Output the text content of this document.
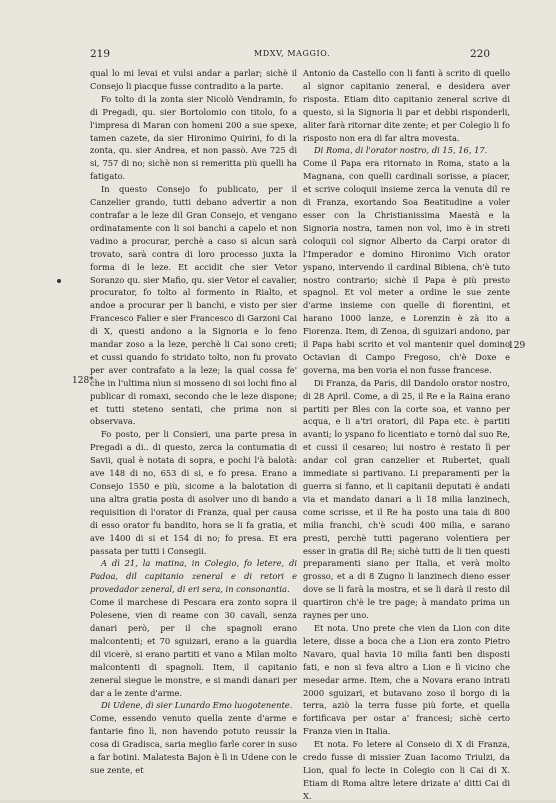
219	MDXV, MAGGIO.	220
128*
129

qual lo mi levai et vulsi andar a parlar; sichè il Consejo li piacque fusse contradito a la parte.

Fo tolto di la zonta sier Nicolò Vendramin, fo di Pregadi, qu. sier Bortolomio con titolo, fo a l'impresa di Maran con homeni 200 a sue spexe, tamen cazete, da sier Hironimo Quirini, fo di la zonta, qu. sier Andrea, et non passò. Ave 725 di si, 757 di no; sichè non si remeritta più quelli ha fatigato.

In questo Consejo fo publicato, per il Canzelier grando, tutti debano advertir a non contrafar a le leze dil Gran Consejo, et vengano ordinatamente con li soi banchi a capelo et non vadino a procurar, perchè a caso si alcun sarà trovato, sarà contra di loro processo juxta la forma di le leze. Et accidit che sier Vetor Soranzo qu. sier Mafio, qu. sier Vetor el cavalier, procurator, fo tolto al formento in Rialto, et andoe a procurar per li banchi, e visto per sier Francesco Falier e sier Francesco di Garzoni Cai di X, questi andono a la Signoria e lo feno mandar zoso a la leze, perchè li Cai sono creti; et cussi quando fo stridato tolto, non fu provato per aver contrafato a la leze; la qual cossa fe' che in l'ultima nìun si mosseno di soi lochi fino al publicar di romaxi, secondo che le leze dispone; et tutti steteno sentati, che prima non si observava.

Fo posto, per li Consieri, una parte presa in Pregadi a di.. di questo, zerca la contumatia di Savii, qual è notata di sopra, e pochi l'à balotà: ave 148 di no, 653 di si, e fo presa. Erano a Consejo 1550 e più, sicome a la balotation di una altra gratia posta di asolver uno di bando a requisition di l'orator di Franza, qual per causa di esso orator fu bandito, hora se li fa gratia, et ave 1400 di si et 154 di no; fo presa. Et era passata per tutti i Consegii.

A dì 21, la matina, in Colegio, fo letere, di Padoa, dil capitanio zeneral e di retori e provedador zeneral, di eri sera, in consonantia.

Come il marchese di Pescara era zonto sopra il Polesene, vien di reame con 30 cavali, senza danari però, per il che spagnoli erano malcontenti; et 70 sguizari, erano a la guardia dil vicerè, si erano partiti et vano a Milan molto malcontenti di spagnoli. Item, il capitanio zeneral siegue le monstre, e si mandi danari per dar a le zente d'arme.

Di Udene, di sier Lunardo Emo luogotenente.

Come, essendo venuto quella zente d'arme e fantarie fino lì, non havendo potuto reussir la cosa di Gradisca, saria meglio farle corer in suso a far botini. Malatesta Bajon è lì in Udene con le sue zente, et

Antonio da Castello con li fanti à scrito di quello al signor capitanio zeneral, e desidera aver risposta. Etiam dito capitanio zeneral scrive di questo, sì la Signoria li par et debbi risponderli, aliter farà ritornar dite zente; et per Colegio li fo risposto non era di far altra movesta.

Di Roma, di l'orator nostro, di 15, 16, 17.

Come il Papa era ritornato in Roma, stato a la Magnana, con quelli cardinali sorisse, a piacer, et scrive coloquii insieme zerca la venuta dil re di Franza, exortando Soa Beatitudine a voler esser con la Christianissima Maestà e la Signoria nostra, tamen non vol, imo è in streti coloquii col signor Alberto da Carpi orator di l'Imperador e domino Hironimo Vich orator yspano, intervendo il cardinal Bibiena, ch'è tuto nostro contrario; sichè il Papa è più presto spagnol. Et vol meter a ordine le sue zente d'arme insieme con quelle di fiorentini, et harano 1000 lanze, e Lorenzin è zà ito a Fiorenza. Item, di Zenoa, di sguizari andono, par il Papa habi scrito et vol mantenir quel domino Octavian di Campo Fregoso, ch'è Doxe e governa, ma ben voria el non fusse francese.

Di Franza, da Paris, dil Dandolo orator nostro, di 28 April. Come, a dì 25, il Re e la Raina erano partiti per Bles con la corte soa, et vanno per acqua, e li a'tri oratori, dil Papa etc. è partiti avanti; lo yspano fo licentiato e tornò dal suo Re, et cussi il cesareo; lui nostro è restato lì per andar col gran canzelier et Rubertet, quali immediate si partivano. Li preparamenti per la guerra si fanno, et li capitanii deputati è andati via et mandato danari a li 18 milia lanzinech, come scrisse, et il Re ha posto una taia di 800 milia franchi, ch'è scudi 400 milia, e sarano presti, perchè tutti pagerano volentiera per esser in gratia dil Re; sichè tutti de li tien questi preparamenti siano per Italia, et verà molto grosso, et a di 8 Zugno li lanzinech dieno esser dove se li farà la mostra, et se li darà il resto dil quartiron ch'è le tre page; à mandato prima un raynes per uno.

Et nota. Uno prete che vien da Lion con dite letere, disse a boca che a Lion era zonto Pietro Navaro, qual havia 10 milia fanti ben disposti fati, e non si feva altro a Lion e lì vicino che mesedar arme. Item, che a Novara erano intrati 2000 sguizari, et butavano zoso il borgo di la terra, aziò la terra fusse più forte, et quella fortificava per ostar a' francesi; sichè certo Franza vien in Italia.

Et nota. Fo letere al Conseio di X di Franza, credo fusse di missier Zuan Iacomo Triulzi, da Lion, qual fo lecte in Colegio con li Cai di X. Etiam di Roma altre letere drizate a' ditti Cai di X.
